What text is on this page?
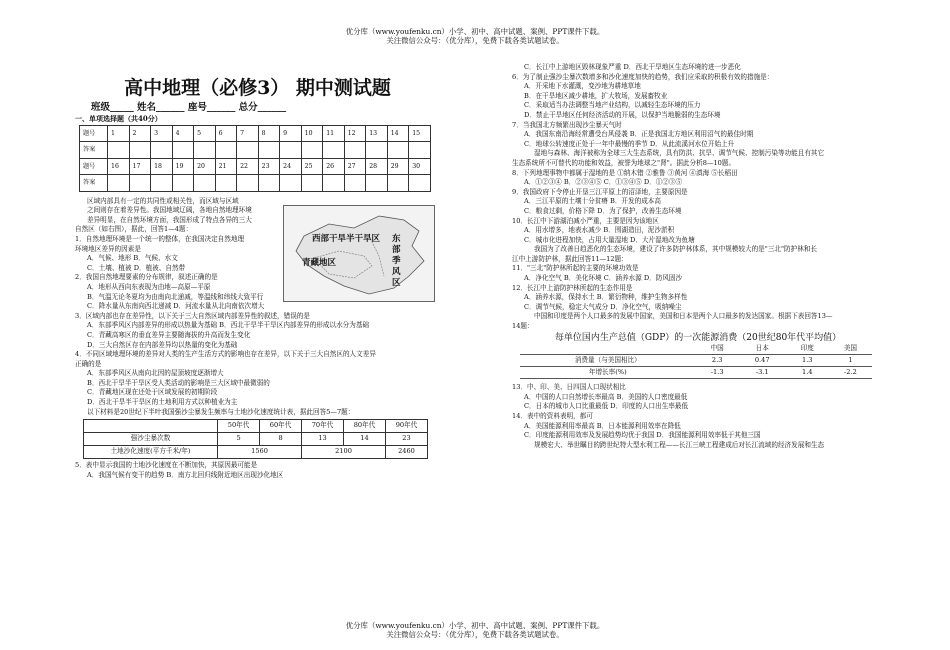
优分库（www.youfenku.cn）小学、初中、高中试题、案例、PPT课件下载。
关注微信公众号：（优分库），免费下载各类试题试卷。

高中地理（必修3） 期中测试题

班级_____ 姓名______ 座号______ 总分______

一、单项选择题（共40分）

题号	1	2	3	4	5	6	7	8	9	10	11	12	13	14	15
答案															
题号	16	17	18	19	20	21	22	23	24	25	26	27	28	29	30
答案															

区域内部具有一定的共同性或相关性，而区域与区域

之间则存在着差异性。我国地域辽阔，各地自然地理环境

差异明显，在自然环境方面，我国形成了特点各异的三大

自然区（如右图），据此，回答1—4题：

1．自然地理环境是一个统一的整体，在我国决定自然地理

环境地区差异的因素是

A．气候、地形 B．气候、水文

C．土壤、植被 D．植被、自然带

2．我国自然地理要素的分布规律，叙述正确的是

A．地形从西向东表现为由地—高原—平原

B．气温无论冬夏均为由南向北递减，等温线和纬线大致平行

C．降水量从东南向西北递减 D．河流水量从北向南依次增大

3．区域内部也存在差异性，以下关于三大自然区域内部差异性的叙述，错误的是

A．东部季风区内部差异的形成以热量为基础 B．西北干旱半干旱区内部差异的形成以水分为基础

C．青藏高寒区的垂直差异主要随海拔的升高而发生变化

D．三大自然区存在内部差异均以热量的变化为基础

4．不同区域地理环境的差异对人类的生产生活方式的影响也存在差异，以下关于三大自然区的人文差异

正确的是

A．东部季风区从南向北因的屋顶坡度逐渐增大

B．西北干旱半干旱区受人类活动的影响是三大区域中最微弱的

C．青藏地区现在还处于区域发展的初期阶段

D．西北干旱半干旱区的土地利用方式以种植业为主

以下材料是20世纪下半叶我国强沙尘暴发生频率与土地沙化速度统计表，据此回答5—7题：

	50年代	60年代	70年代	80年代	90年代
强沙尘暴次数	5	8	13	14	23
土地沙化速度(平方千米/年)	1560		2100		2460

5．表中显示我国的土地沙化速度在不断加快，其原因最可能是

A．我国气候有变干的趋势 B．南方北回归线附近地区出现沙化地区

西部干旱半干旱区
青藏地区
东部季风区

C．长江中上游地区毁林现象严重 D．西北干旱地区生态环境的进一步恶化

6．为了制止强沙尘暴次数增多和沙化速度加快的趋势，我们应采取的积极有效的措施是：

A．开采地下水灌溉，变沙地为耕地草地

B．在干旱地区减少耕地，扩大牧场，发展畜牧业

C．采取适当办法调整当地产业结构，以减轻生态环境的压力

D．禁止干旱地区任何经济活动的开展，以保护当地脆弱的生态环境

7．当我国北方频繁出现沙尘暴天气时

A．我国东南沿海经常遭受台风侵袭 B．正是我国北方地区利用沼气的最佳时期

C．地球公转速度正处于一年中最慢的季节 D．从此流溪河水位开始上升

湿地与森林、海洋被称为全球三大生态系统，具有防洪、抗旱、调节气候、控制污染等功能且有其它

生态系统所不可替代的功能和效益，被誉为地球之"肾"。据此分析8—10题。

8．下列地理事物中都属于湿地的是 ①纳木错 ②雅鲁 ③黄河 ④滇海 ⑤长稻田

A．①②③④ B．②③④⑤ C．①③④⑤ D．①②③⑤

9．我国政府下令停止开垦三江平原上的沼泽地，主要原因是

A．三江平原的土壤十分贫瘠 B．开发的成本高

C．粮食过剩，价格下降 D．为了保护，改善生态环境

10．长江中下游湖泊减小严重，主要是因为该地区

A．用水增多，地表水减少 B．围湖造田，泥沙淤积

C．城市化进程加快，占用大量湿地 D．大片湿地改为鱼塘

我国为了改善日趋恶化的生态环境，建设了许多防护林体系，其中规模较大的是"三北"防护林和长

江中上游防护林，据此回答11—12题：

11．"三北"防护林所起的主要的环境功效是

A．净化空气 B．美化环境 C．涵养水源 D．防风固沙

12．长江中上游防护林所起的生态作用是

A．涵养水源，保持水土 B．繁衍物种，维护生物多样性

C．调节气候，稳定大气成分 D．净化空气，吸纳噪尘

中国和印度是两个人口最多的发展中国家，美国和日本是两个人口最多的发达国家。根据下表回答13—

14题：

每单位国内生产总值（GDP）的一次能源消费（20世纪80年代平均值）
	中国	日本	印度	美国
消费量（与美国相比）	2.3	0.47	1.3	1
年增长率(%)	-1.3	-3.1	1.4	-2.2

13．中、印、美、日四国人口现状相比

A．中国的人口自然增长率最高 B．美国的人口密度最低

C．日本的城市人口比重最低 D．印度的人口出生率最低

14．表中的资料表明，都可

A．美国能源利用率最高 B．日本能源利用效率在降低

C．印度能源利用效率及发展趋势均优于我国 D．我国能源利用效率低于其他三国

规模宏大、举世瞩目的跨世纪特大型水利工程——长江三峡工程建成后对长江流域的经济发展和生态

优分库（www.youfenku.cn）小学、初中、高中试题、案例、PPT课件下载。
关注微信公众号：（优分库），免费下载各类试题试卷。
